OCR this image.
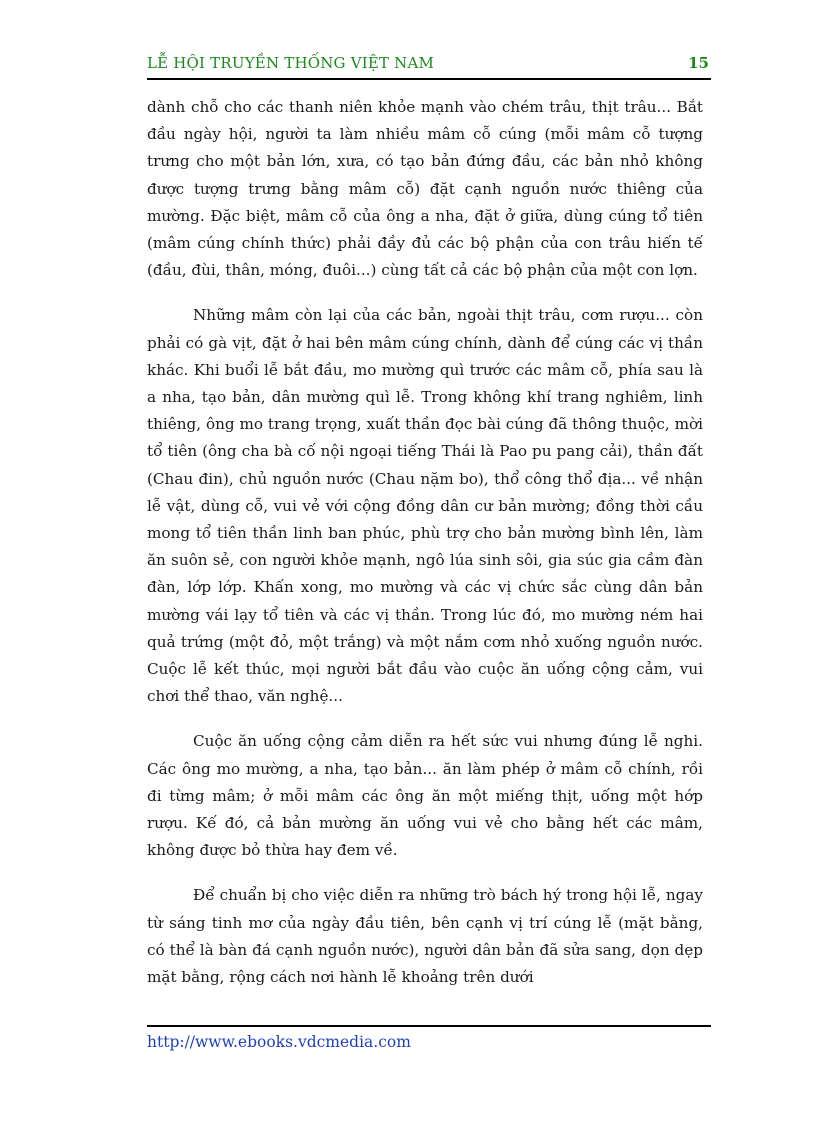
LỄ HỘI TRUYỀN THỐNG VIỆT NAM	15

dành chỗ cho các thanh niên khỏe mạnh vào chém trâu, thịt trâu... Bắt đầu ngày hội, người ta làm nhiều mâm cỗ cúng (mỗi mâm cỗ tượng trưng cho một bản lớn, xưa, có tạo bản đứng đầu, các bản nhỏ không được tượng trưng bằng mâm cỗ) đặt cạnh nguồn nước thiêng của mường. Đặc biệt, mâm cỗ của ông a nha, đặt ở giữa, dùng cúng tổ tiên (mâm cúng chính thức) phải đầy đủ các bộ phận của con trâu hiến tế (đầu, đùi, thân, móng, đuôi...) cùng tất cả các bộ phận của một con lợn.

Những mâm còn lại của các bản, ngoài thịt trâu, cơm rượu... còn phải có gà vịt, đặt ở hai bên mâm cúng chính, dành để cúng các vị thần khác. Khi buổi lễ bắt đầu, mo mường quì trước các mâm cỗ, phía sau là a nha, tạo bản, dân mường quì lễ. Trong không khí trang nghiêm, linh thiêng, ông mo trang trọng, xuất thần đọc bài cúng đã thông thuộc, mời tổ tiên (ông cha bà cố nội ngoại tiếng Thái là Pao pu pang cải), thần đất (Chau đin), chủ nguồn nước (Chau nặm bo), thổ công thổ địa... về nhận lễ vật, dùng cỗ, vui vẻ với cộng đồng dân cư bản mường; đồng thời cầu mong tổ tiên thần linh ban phúc, phù trợ cho bản mường bình lên, làm ăn suôn sẻ, con người khỏe mạnh, ngô lúa sinh sôi, gia súc gia cầm đàn đàn, lớp lớp. Khấn xong, mo mường và các vị chức sắc cùng dân bản mường vái lạy tổ tiên và các vị thần. Trong lúc đó, mo mường ném hai quả trứng (một đỏ, một trắng) và một nắm cơm nhỏ xuống nguồn nước. Cuộc lễ kết thúc, mọi người bắt đầu vào cuộc ăn uống cộng cảm, vui chơi thể thao, văn nghệ...

Cuộc ăn uống cộng cảm diễn ra hết sức vui nhưng đúng lễ nghi. Các ông mo mường, a nha, tạo bản... ăn làm phép ở mâm cỗ chính, rồi đi từng mâm; ở mỗi mâm các ông ăn một miếng thịt, uống một hớp rượu. Kế đó, cả bản mường ăn uống vui vẻ cho bằng hết các mâm, không được bỏ thừa hay đem về.

Để chuẩn bị cho việc diễn ra những trò bách hý trong hội lễ, ngay từ sáng tinh mơ của ngày đầu tiên, bên cạnh vị trí cúng lễ (mặt bằng, có thể là bàn đá cạnh nguồn nước), người dân bản đã sửa sang, dọn dẹp mặt bằng, rộng cách nơi hành lễ khoảng trên dưới

http://www.ebooks.vdcmedia.com
